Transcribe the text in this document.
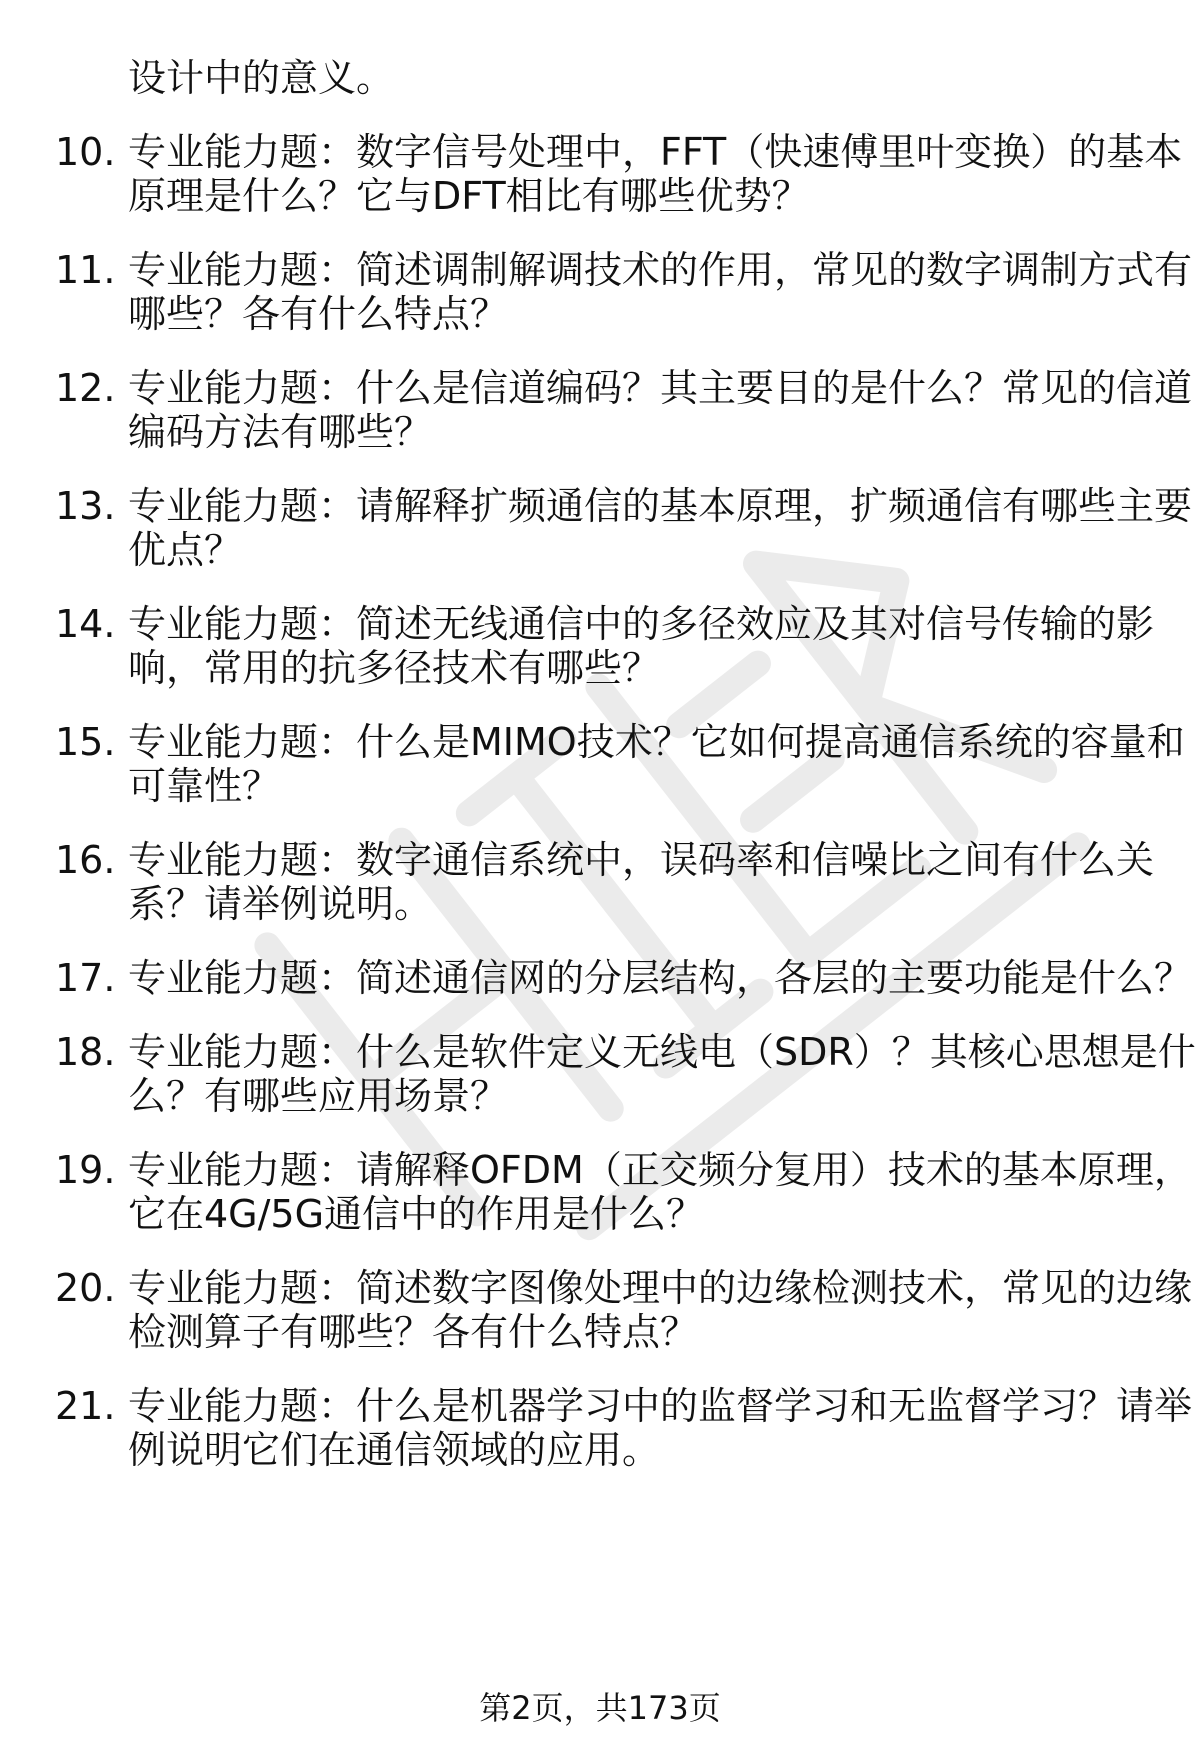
设计中的意义。
10. 专业能力题：数字信号处理中，FFT（快速傅里叶变换）的基本
原理是什么？它与DFT相比有哪些优势？
11. 专业能力题：简述调制解调技术的作用，常见的数字调制方式有
哪些？各有什么特点？
12. 专业能力题：什么是信道编码？其主要目的是什么？常见的信道
编码方法有哪些？
13. 专业能力题：请解释扩频通信的基本原理，扩频通信有哪些主要
优点？
14. 专业能力题：简述无线通信中的多径效应及其对信号传输的影
响，常用的抗多径技术有哪些？
15. 专业能力题：什么是MIMO技术？它如何提高通信系统的容量和
可靠性？
16. 专业能力题：数字通信系统中，误码率和信噪比之间有什么关
系？请举例说明。
17. 专业能力题：简述通信网的分层结构，各层的主要功能是什么？
18. 专业能力题：什么是软件定义无线电（SDR）？其核心思想是什
么？有哪些应用场景？
19. 专业能力题：请解释OFDM（正交频分复用）技术的基本原理，
它在4G/5G通信中的作用是什么？
20. 专业能力题：简述数字图像处理中的边缘检测技术，常见的边缘
检测算子有哪些？各有什么特点？
21. 专业能力题：什么是机器学习中的监督学习和无监督学习？请举
例说明它们在通信领域的应用。
第2页，共173页
